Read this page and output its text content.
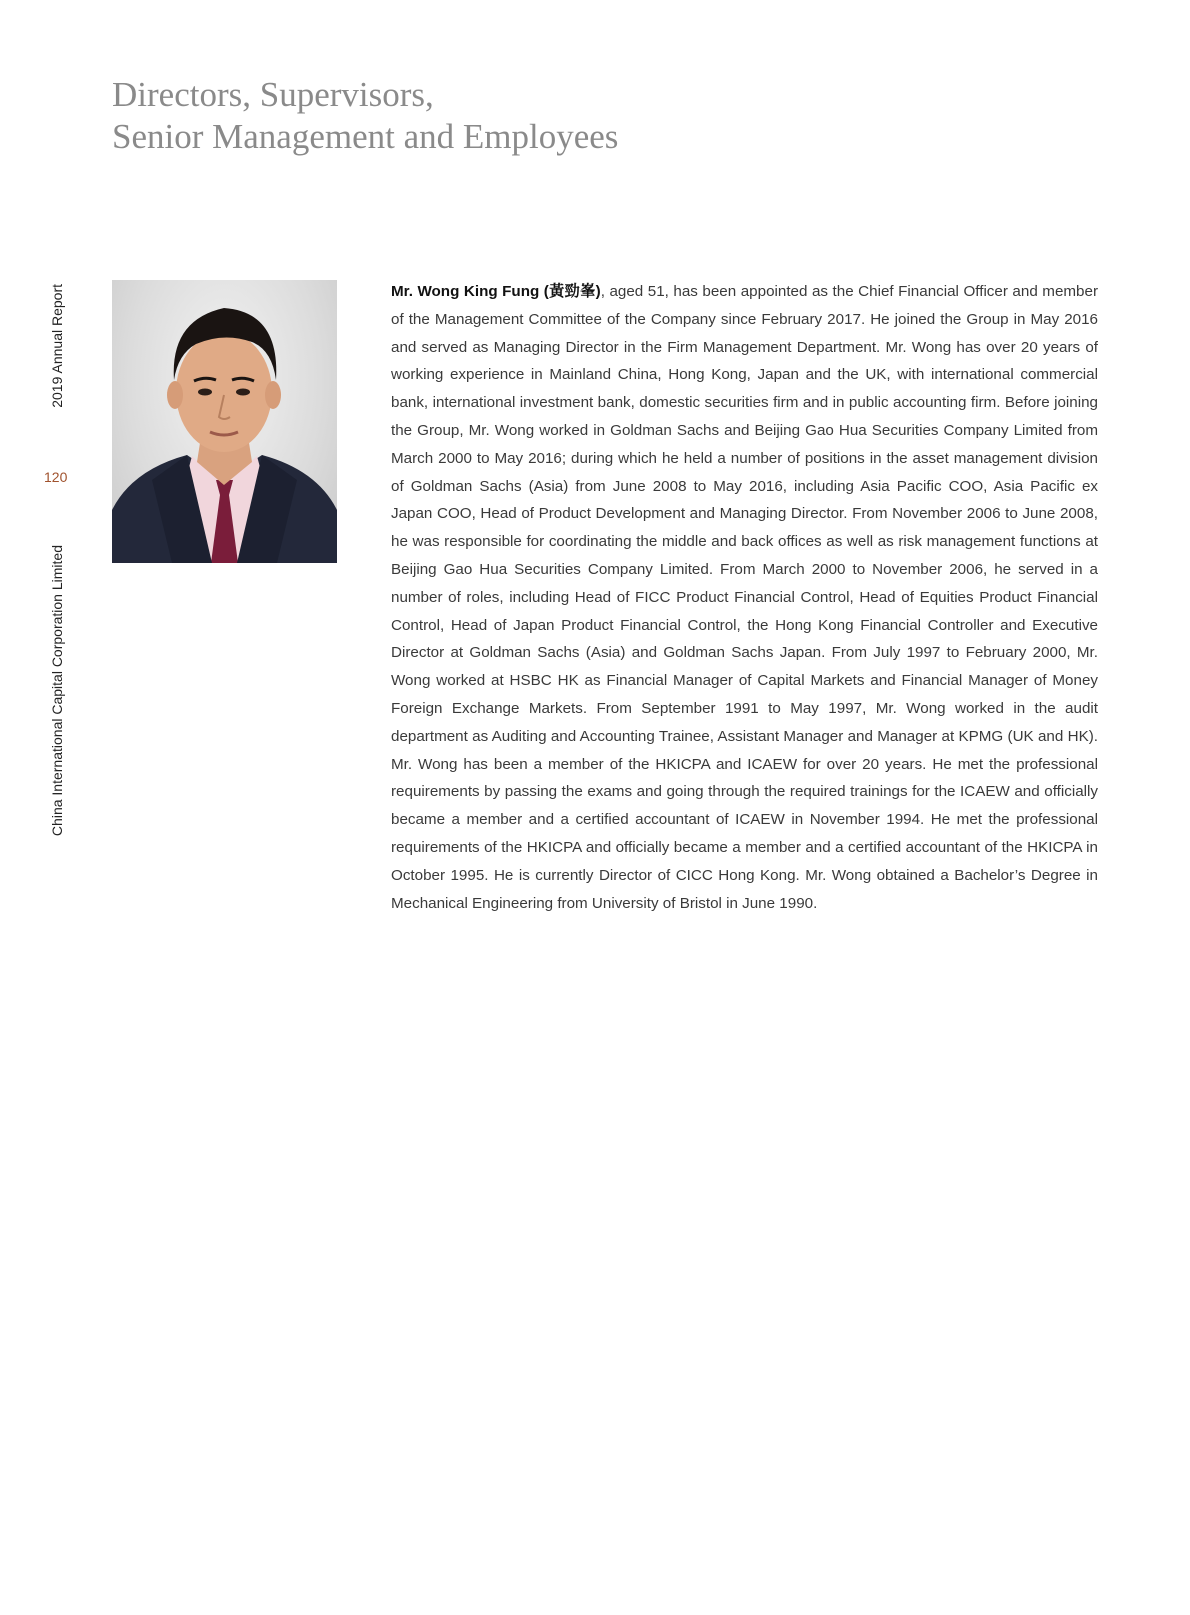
Directors, Supervisors,
Senior Management and Employees
2019 Annual Report
120
China International Capital Corporation Limited

Mr. Wong King Fung (黃勁峯), aged 51, has been appointed as the Chief Financial Officer and member of the Management Committee of the Company since February 2017. He joined the Group in May 2016 and served as Managing Director in the Firm Management Department. Mr. Wong has over 20 years of working experience in Mainland China, Hong Kong, Japan and the UK, with international commercial bank, international investment bank, domestic securities firm and in public accounting firm. Before joining the Group, Mr. Wong worked in Goldman Sachs and Beijing Gao Hua Securities Company Limited from March 2000 to May 2016; during which he held a number of positions in the asset management division of Goldman Sachs (Asia) from June 2008 to May 2016, including Asia Pacific COO, Asia Pacific ex Japan COO, Head of Product Development and Managing Director. From November 2006 to June 2008, he was responsible for coordinating the middle and back offices as well as risk management functions at Beijing Gao Hua Securities Company Limited. From March 2000 to November 2006, he served in a number of roles, including Head of FICC Product Financial Control, Head of Equities Product Financial Control, Head of Japan Product Financial Control, the Hong Kong Financial Controller and Executive Director at Goldman Sachs (Asia) and Goldman Sachs Japan. From July 1997 to February 2000, Mr. Wong worked at HSBC HK as Financial Manager of Capital Markets and Financial Manager of Money Foreign Exchange Markets. From September 1991 to May 1997, Mr. Wong worked in the audit department as Auditing and Accounting Trainee, Assistant Manager and Manager at KPMG (UK and HK). Mr. Wong has been a member of the HKICPA and ICAEW for over 20 years. He met the professional requirements by passing the exams and going through the required trainings for the ICAEW and officially became a member and a certified accountant of ICAEW in November 1994. He met the professional requirements of the HKICPA and officially became a member and a certified accountant of the HKICPA in October 1995. He is currently Director of CICC Hong Kong. Mr. Wong obtained a Bachelor’s Degree in Mechanical Engineering from University of Bristol in June 1990.
